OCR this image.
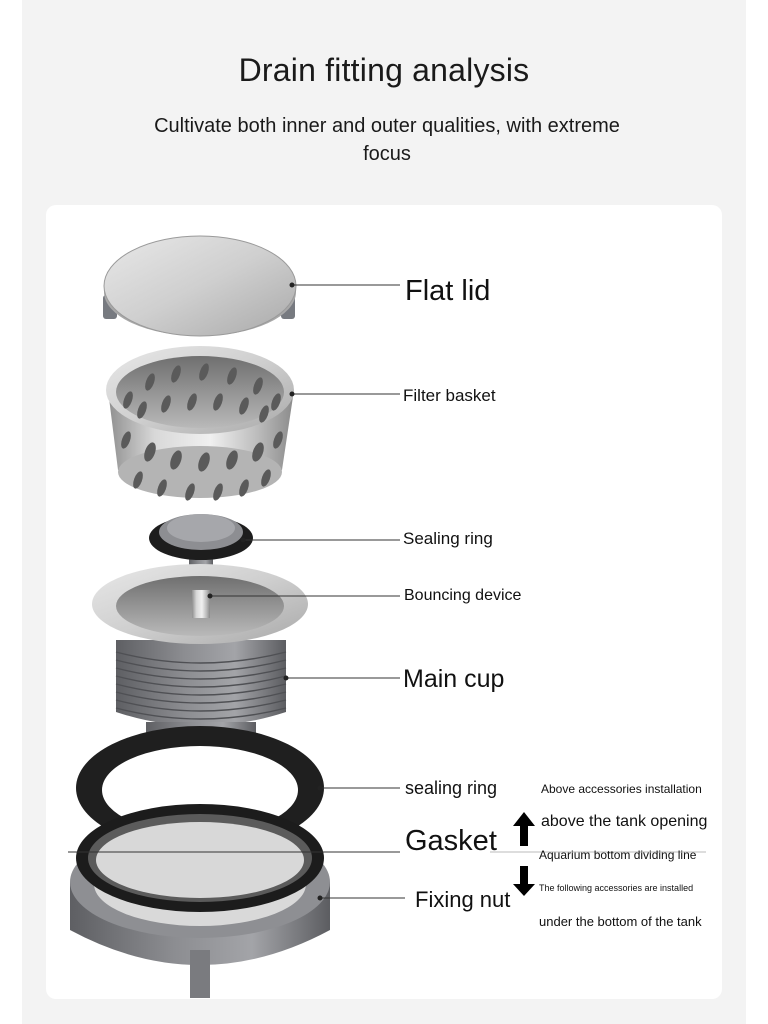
Drain fitting analysis
Cultivate both inner and outer qualities, with extreme focus
Flat lid
Filter basket
Sealing ring
Bouncing device
Main cup
sealing ring
Gasket
Fixing nut
Above accessories installation
above the tank opening
Aquarium bottom dividing line
The following accessories are installed
under the bottom of the tank
